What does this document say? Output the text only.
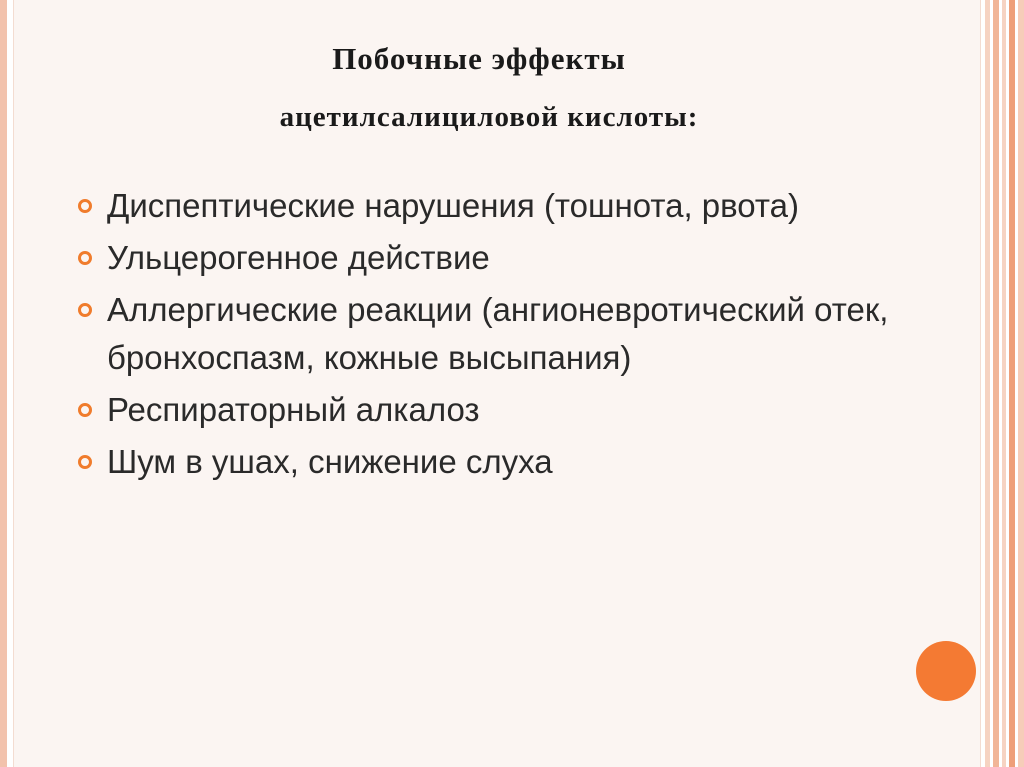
Побочные эффекты
ацетилсалициловой кислоты:
Диспептические нарушения (тошнота, рвота)
Ульцерогенное действие
Аллергические реакции (ангионевротический отек, бронхоспазм, кожные высыпания)
Респираторный алкалоз
Шум в ушах, снижение слуха
